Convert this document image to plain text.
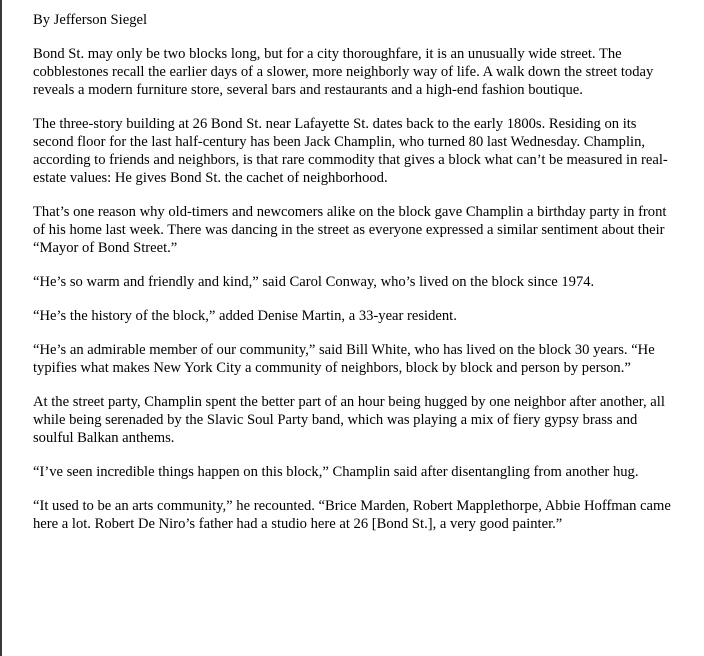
By Jefferson Siegel

Bond St. may only be two blocks long, but for a city thoroughfare, it is an unusually wide street. The cobblestones recall the earlier days of a slower, more neighborly way of life. A walk down the street today reveals a modern furniture store, several bars and restaurants and a high-end fashion boutique.

The three-story building at 26 Bond St. near Lafayette St. dates back to the early 1800s. Residing on its second floor for the last half-century has been Jack Champlin, who turned 80 last Wednesday. Champlin, according to friends and neighbors, is that rare commodity that gives a block what can’t be measured in real-estate values: He gives Bond St. the cachet of neighborhood.

That’s one reason why old-timers and newcomers alike on the block gave Champlin a birthday party in front of his home last week. There was dancing in the street as everyone expressed a similar sentiment about their “Mayor of Bond Street.”

“He’s so warm and friendly and kind,” said Carol Conway, who’s lived on the block since 1974.

“He’s the history of the block,” added Denise Martin, a 33-year resident.

“He’s an admirable member of our community,” said Bill White, who has lived on the block 30 years. “He typifies what makes New York City a community of neighbors, block by block and person by person.”

At the street party, Champlin spent the better part of an hour being hugged by one neighbor after another, all while being serenaded by the Slavic Soul Party band, which was playing a mix of fiery gypsy brass and soulful Balkan anthems.

“I’ve seen incredible things happen on this block,” Champlin said after disentangling from another hug.

“It used to be an arts community,” he recounted. “Brice Marden, Robert Mapplethorpe, Abbie Hoffman came here a lot. Robert De Niro’s father had a studio here at 26 [Bond St.], a very good painter.”
